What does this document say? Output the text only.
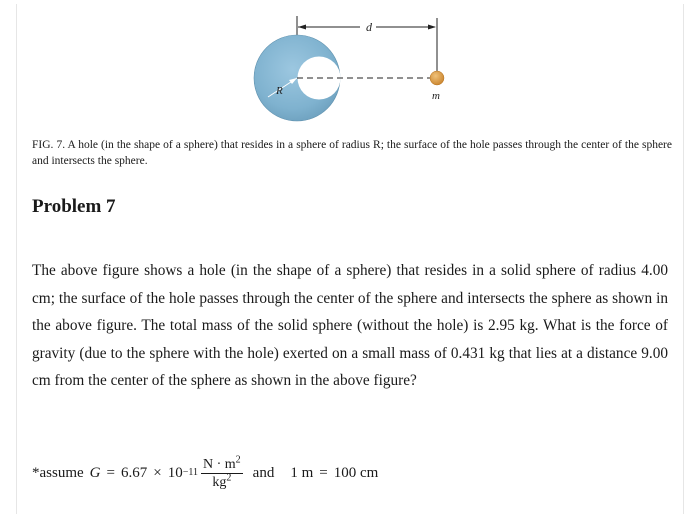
d
R	m

FIG. 7. A hole (in the shape of a sphere) that resides in a sphere of radius R; the surface of the hole passes through the center of the sphere and intersects the sphere.

Problem 7

The above figure shows a hole (in the shape of a sphere) that resides in a solid sphere of radius 4.00 cm; the surface of the hole passes through the center of the sphere and intersects the sphere as shown in the above figure. The total mass of the solid sphere (without the hole) is 2.95 kg. What is the force of gravity (due to the sphere with the hole) exerted on a small mass of 0.431 kg that lies at a distance 9.00 cm from the center of the sphere as shown in the above figure?

*assume $G = 6.67 \times 10 -11 \frac{N \cdot m^2}{kg^2}$ and 1 m = 100 cm
